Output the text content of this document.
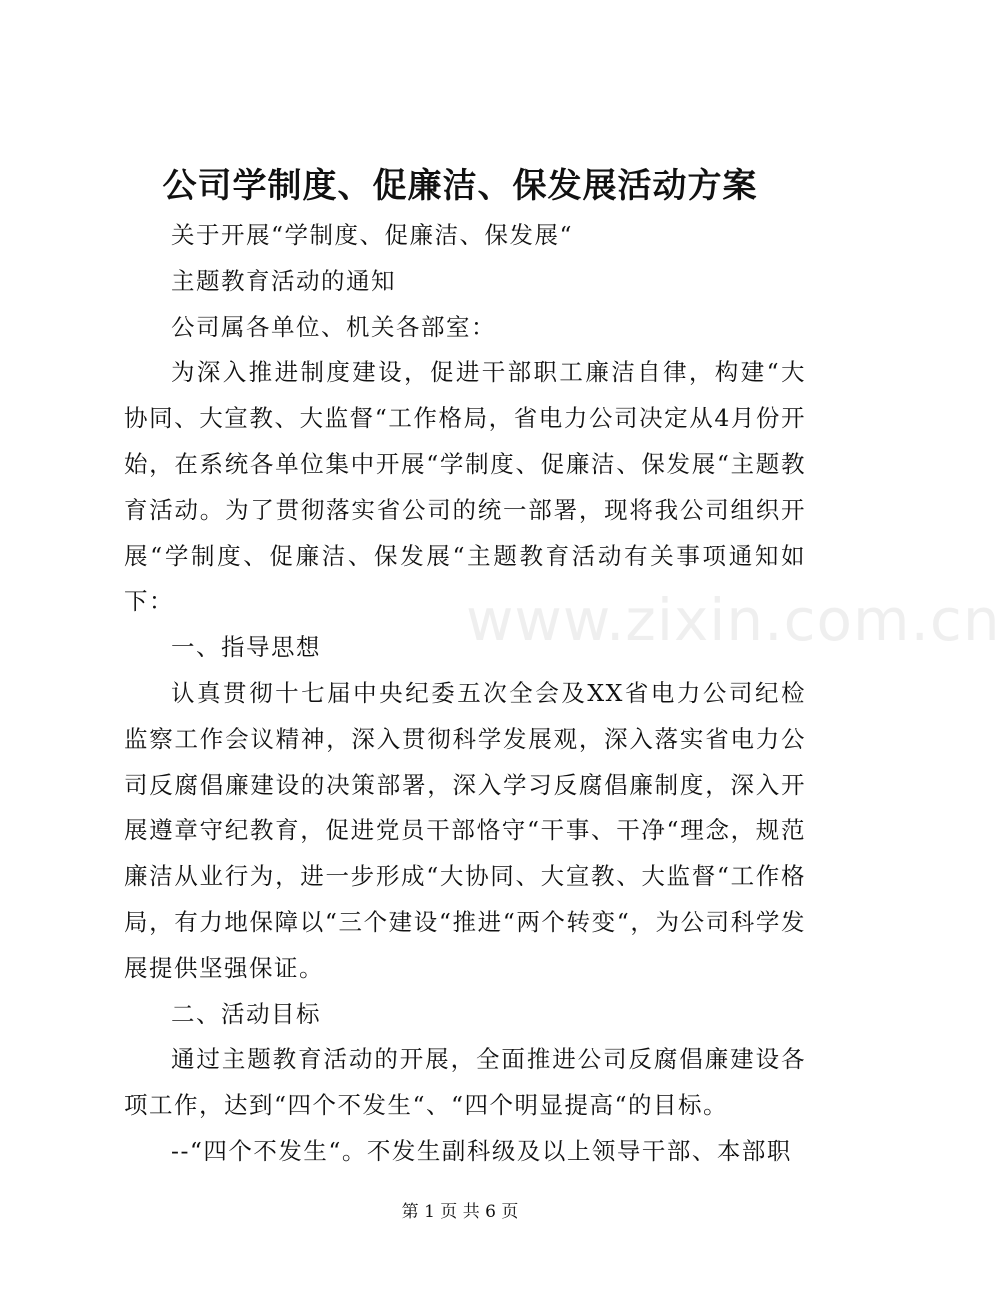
www.zixin.com.cn
公司学制度、促廉洁、保发展活动方案

关于开展“学制度、促廉洁、保发展“

主题教育活动的通知

公司属各单位、机关各部室：

为深入推进制度建设，促进干部职工廉洁自律，构建“大协同、大宣教、大监督“工作格局，省电力公司决定从4月份开始，在系统各单位集中开展“学制度、促廉洁、保发展“主题教育活动。为了贯彻落实省公司的统一部署，现将我公司组织开展“学制度、促廉洁、保发展“主题教育活动有关事项通知如下：

一、指导思想

认真贯彻十七届中央纪委五次全会及XX省电力公司纪检监察工作会议精神，深入贯彻科学发展观，深入落实省电力公司反腐倡廉建设的决策部署，深入学习反腐倡廉制度，深入开展遵章守纪教育，促进党员干部恪守“干事、干净“理念，规范廉洁从业行为，进一步形成“大协同、大宣教、大监督“工作格局，有力地保障以“三个建设“推进“两个转变“，为公司科学发展提供坚强保证。

二、活动目标

通过主题教育活动的开展，全面推进公司反腐倡廉建设各项工作，达到“四个不发生“、“四个明显提高“的目标。

--“四个不发生“。不发生副科级及以上领导干部、本部职

第 1 页 共 6 页
